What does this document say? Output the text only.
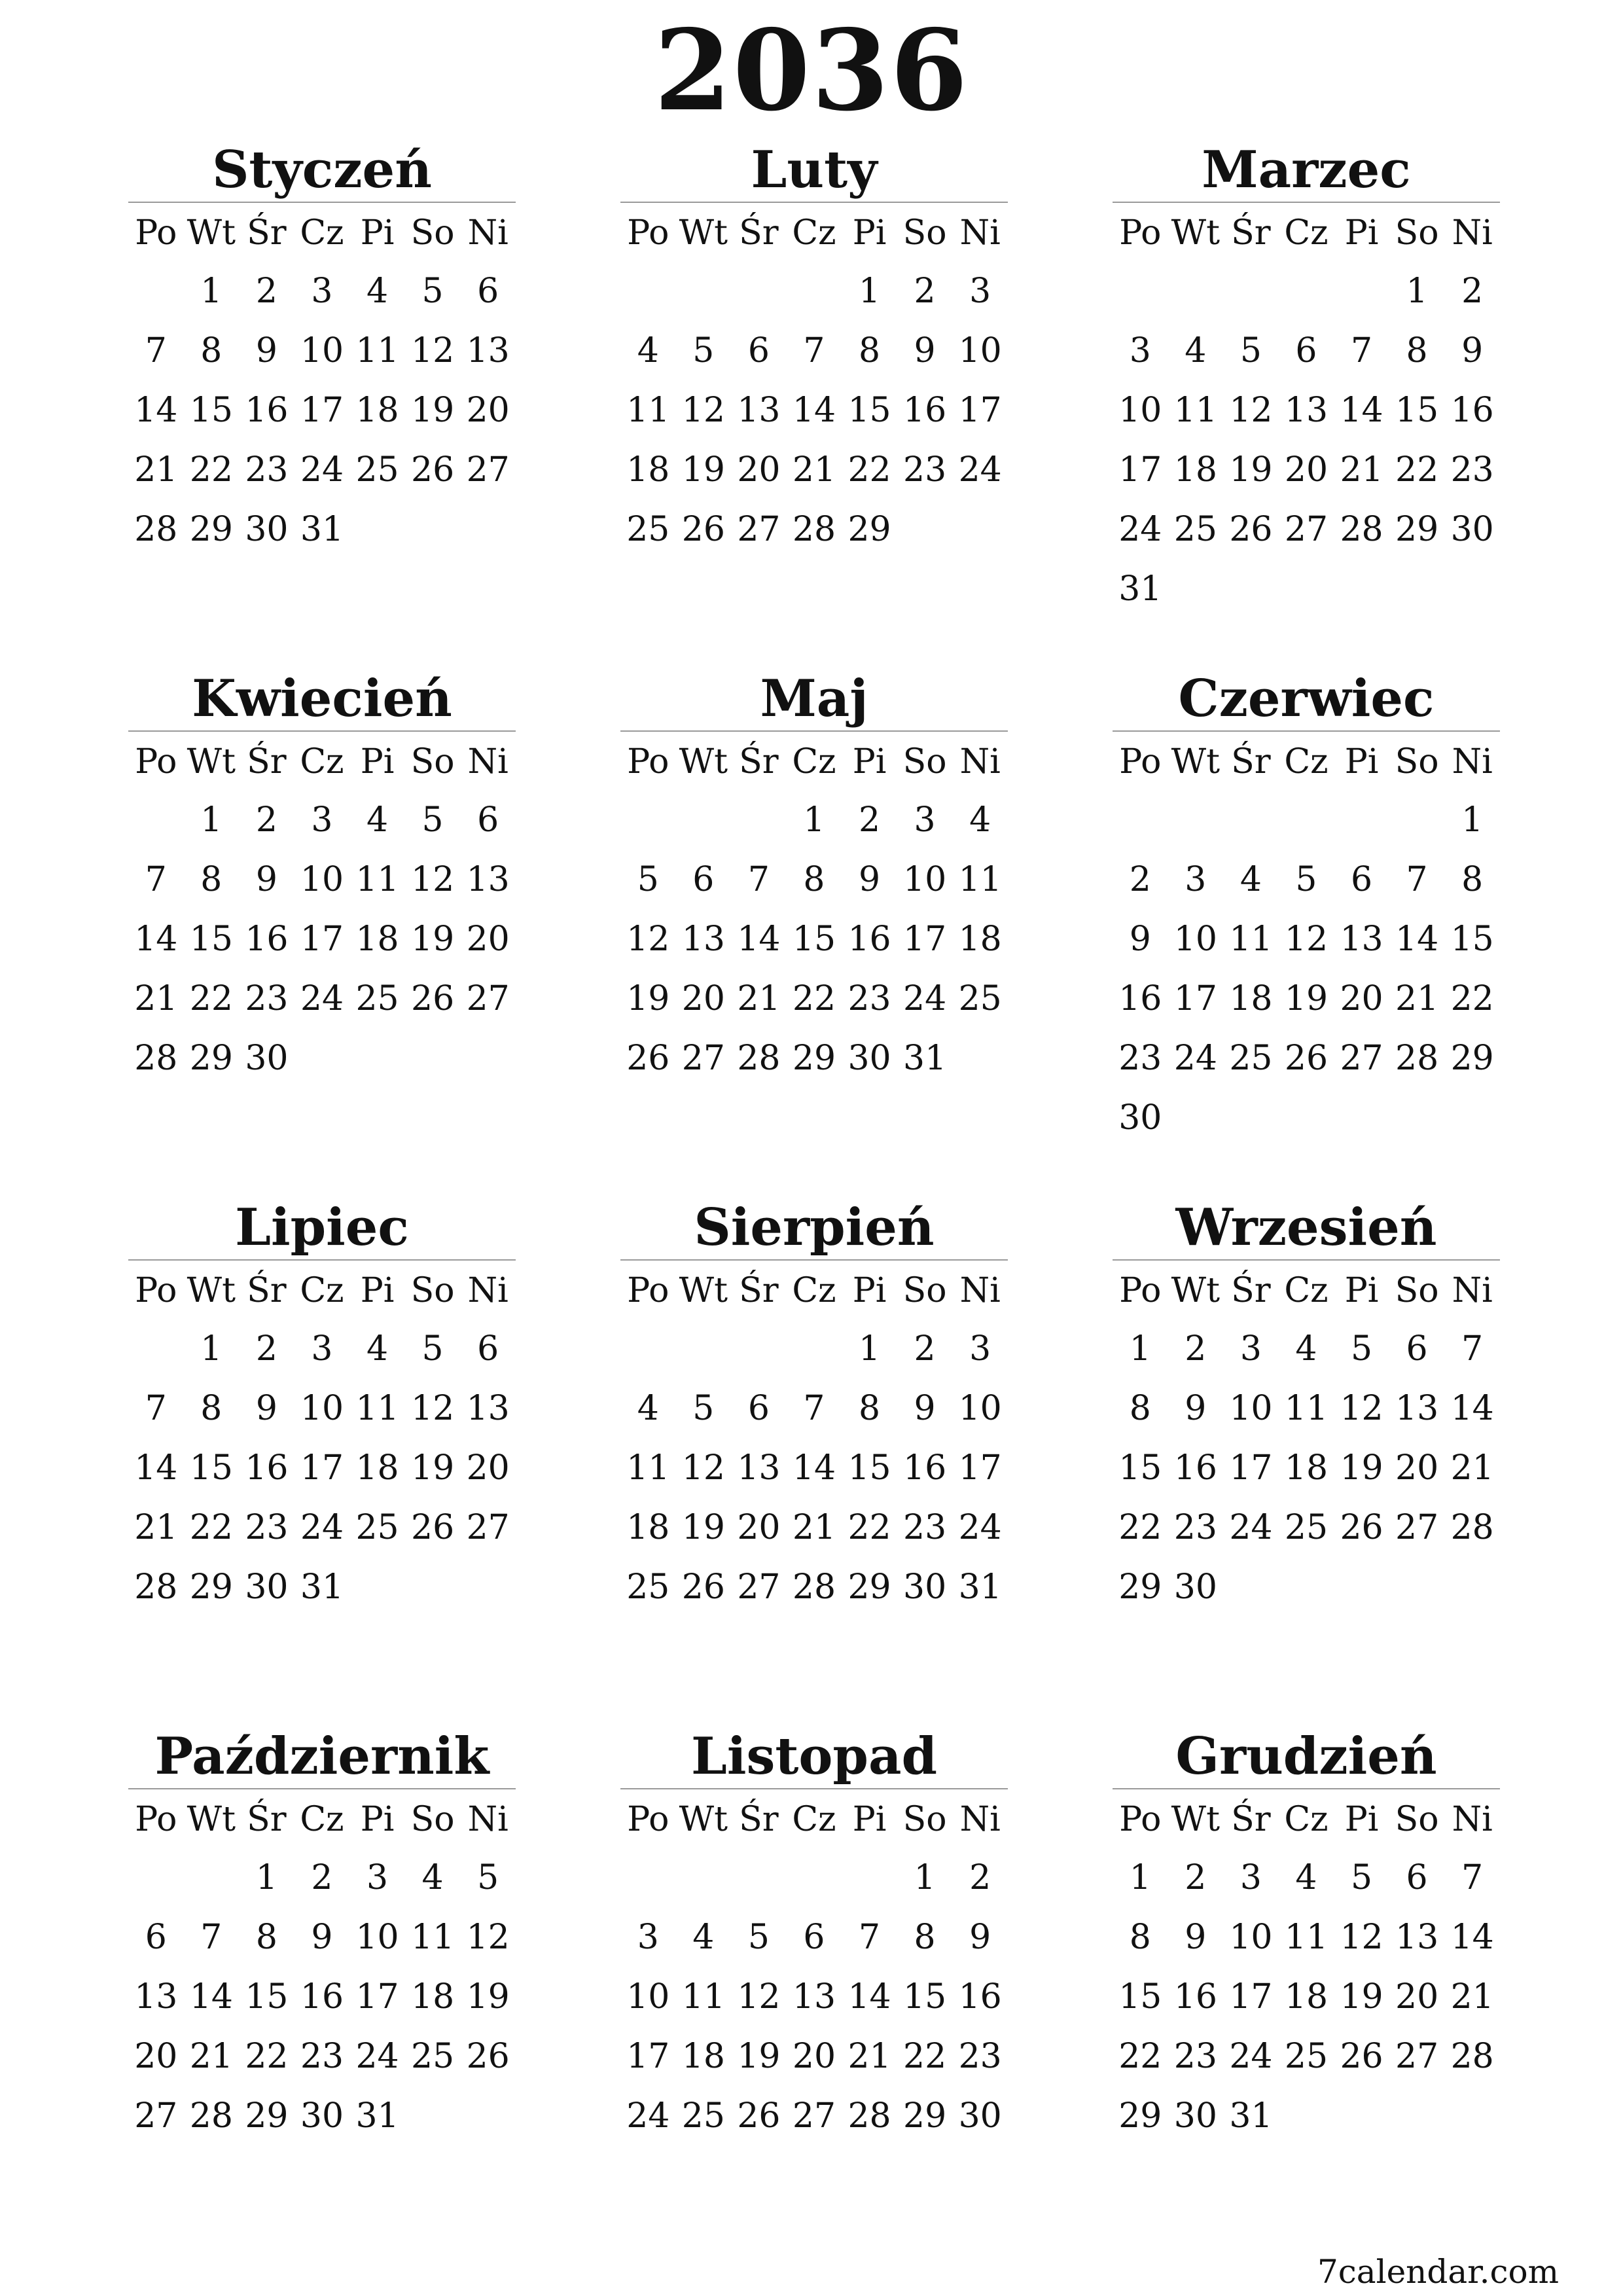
2036
Styczeń
Po Wt Śr Cz Pi So Ni
1 2 3 4 5 6
7 8 9 10 11 12 13
14 15 16 17 18 19 20
21 22 23 24 25 26 27
28 29 30 31
Luty
Po Wt Śr Cz Pi So Ni
1 2 3
4 5 6 7 8 9 10
11 12 13 14 15 16 17
18 19 20 21 22 23 24
25 26 27 28 29
Marzec
Po Wt Śr Cz Pi So Ni
1 2
3 4 5 6 7 8 9
10 11 12 13 14 15 16
17 18 19 20 21 22 23
24 25 26 27 28 29 30
31
Kwiecień
Po Wt Śr Cz Pi So Ni
1 2 3 4 5 6
7 8 9 10 11 12 13
14 15 16 17 18 19 20
21 22 23 24 25 26 27
28 29 30
Maj
Po Wt Śr Cz Pi So Ni
1 2 3 4
5 6 7 8 9 10 11
12 13 14 15 16 17 18
19 20 21 22 23 24 25
26 27 28 29 30 31
Czerwiec
Po Wt Śr Cz Pi So Ni
1
2 3 4 5 6 7 8
9 10 11 12 13 14 15
16 17 18 19 20 21 22
23 24 25 26 27 28 29
30
Lipiec
Po Wt Śr Cz Pi So Ni
1 2 3 4 5 6
7 8 9 10 11 12 13
14 15 16 17 18 19 20
21 22 23 24 25 26 27
28 29 30 31
Sierpień
Po Wt Śr Cz Pi So Ni
1 2 3
4 5 6 7 8 9 10
11 12 13 14 15 16 17
18 19 20 21 22 23 24
25 26 27 28 29 30 31
Wrzesień
Po Wt Śr Cz Pi So Ni
1 2 3 4 5 6 7
8 9 10 11 12 13 14
15 16 17 18 19 20 21
22 23 24 25 26 27 28
29 30
Październik
Po Wt Śr Cz Pi So Ni
1 2 3 4 5
6 7 8 9 10 11 12
13 14 15 16 17 18 19
20 21 22 23 24 25 26
27 28 29 30 31
Listopad
Po Wt Śr Cz Pi So Ni
1 2
3 4 5 6 7 8 9
10 11 12 13 14 15 16
17 18 19 20 21 22 23
24 25 26 27 28 29 30
Grudzień
Po Wt Śr Cz Pi So Ni
1 2 3 4 5 6 7
8 9 10 11 12 13 14
15 16 17 18 19 20 21
22 23 24 25 26 27 28
29 30 31
7calendar.com
